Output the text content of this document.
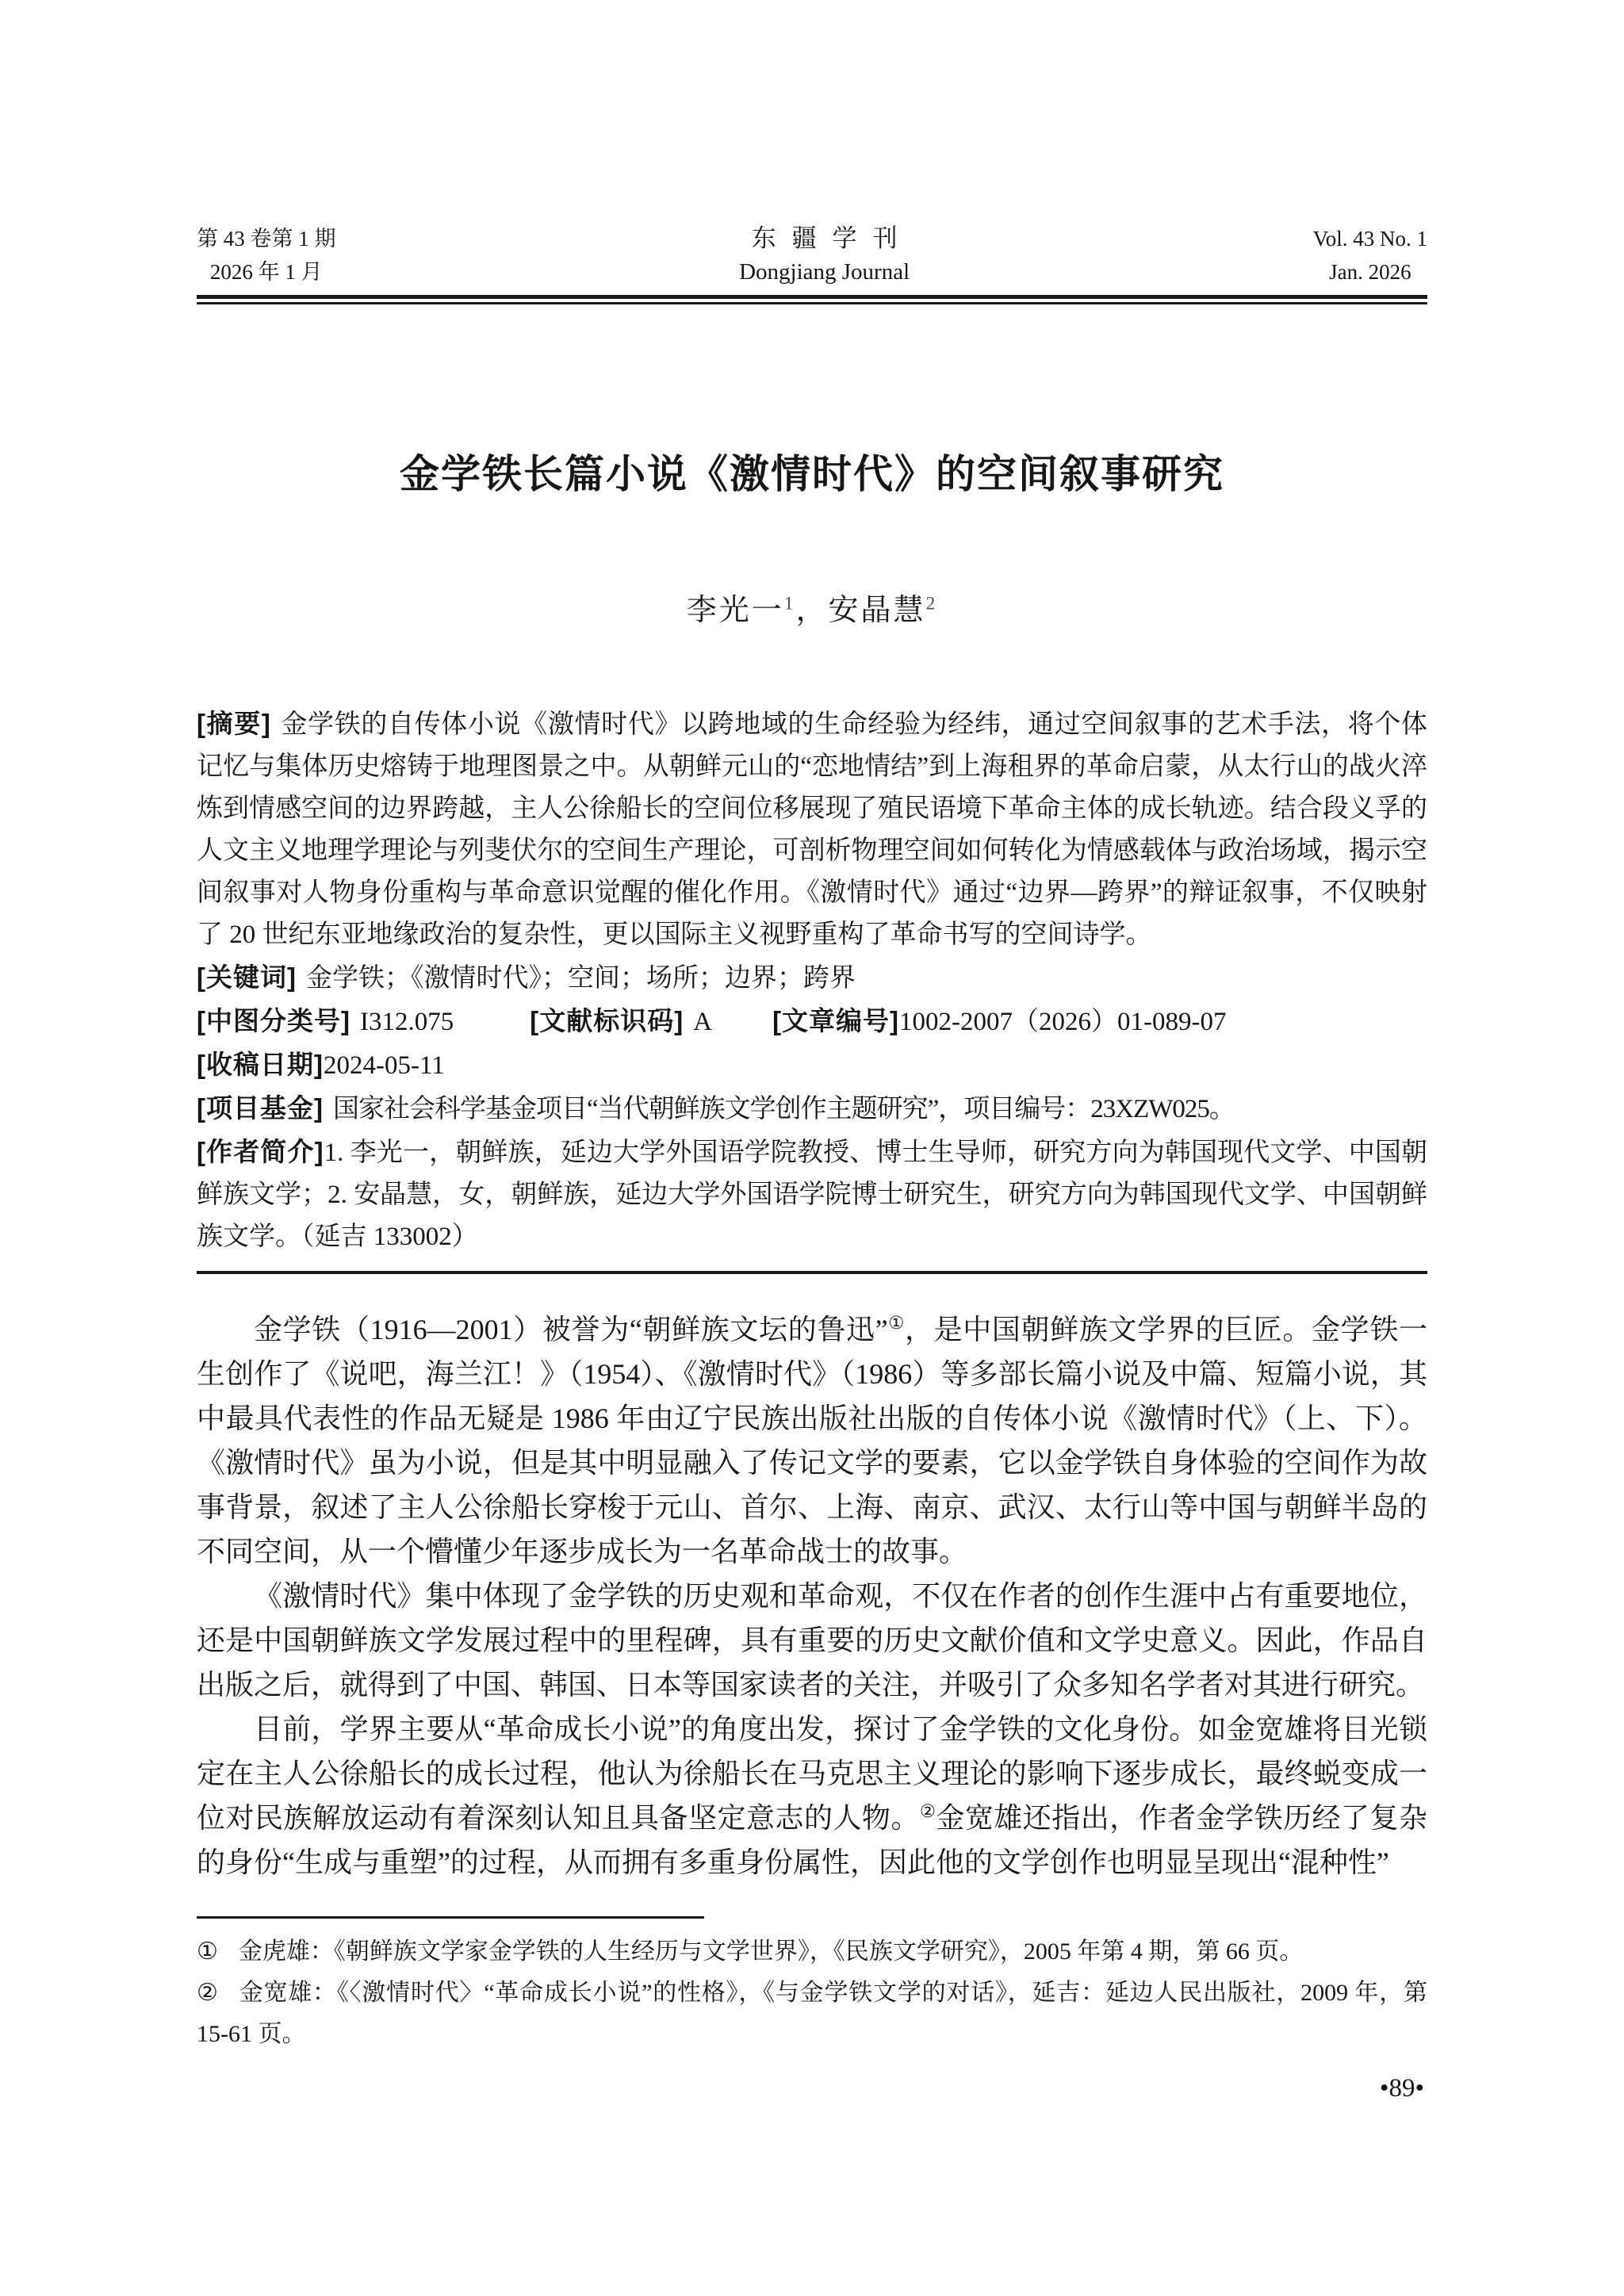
第 43 卷第 1 期
2026 年 1 月
东疆学刊
Dongjiang Journal
Vol. 43 No. 1
Jan. 2026
金学铁长篇小说《激情时代》的空间叙事研究
李光一$^1$，安晶慧$^2$

[摘要] 金学铁的自传体小说《激情时代》以跨地域的生命经验为经纬，通过空间叙事的艺术手法，将个体记忆与集体历史熔铸于地理图景之中。从朝鲜元山的“恋地情结”到上海租界的革命启蒙，从太行山的战火淬炼到情感空间的边界跨越，主人公徐船长的空间位移展现了殖民语境下革命主体的成长轨迹。结合段义孚的人文主义地理学理论与列斐伏尔的空间生产理论，可剖析物理空间如何转化为情感载体与政治场域，揭示空间叙事对人物身份重构与革命意识觉醒的催化作用。《激情时代》通过“边界—跨界”的辩证叙事，不仅映射了 20 世纪东亚地缘政治的复杂性，更以国际主义视野重构了革命书写的空间诗学。

[关键词] 金学铁；《激情时代》；空间；场所；边界；跨界

[中图分类号] I312.075	[文献标识码] A [文章编号]1002-2007（2026）01-089-07

[收稿日期]2024-05-11

[项目基金] 国家社会科学基金项目“当代朝鲜族文学创作主题研究”，项目编号：23XZW025。

[作者简介]1. 李光一，朝鲜族，延边大学外国语学院教授、博士生导师，研究方向为韩国现代文学、中国朝鲜族文学；2. 安晶慧，女，朝鲜族，延边大学外国语学院博士研究生，研究方向为韩国现代文学、中国朝鲜族文学。（延吉 133002）

金学铁（1916—2001）被誉为“朝鲜族文坛的鲁迅”①，是中国朝鲜族文学界的巨匠。金学铁一生创作了《说吧，海兰江！》（1954）、《激情时代》（1986）等多部长篇小说及中篇、短篇小说，其中最具代表性的作品无疑是 1986 年由辽宁民族出版社出版的自传体小说《激情时代》（上、下）。《激情时代》虽为小说，但是其中明显融入了传记文学的要素，它以金学铁自身体验的空间作为故事背景，叙述了主人公徐船长穿梭于元山、首尔、上海、南京、武汉、太行山等中国与朝鲜半岛的不同空间，从一个懵懂少年逐步成长为一名革命战士的故事。

《激情时代》集中体现了金学铁的历史观和革命观，不仅在作者的创作生涯中占有重要地位，还是中国朝鲜族文学发展过程中的里程碑，具有重要的历史文献价值和文学史意义。因此，作品自出版之后，就得到了中国、韩国、日本等国家读者的关注，并吸引了众多知名学者对其进行研究。

目前，学界主要从“革命成长小说”的角度出发，探讨了金学铁的文化身份。如金宽雄将目光锁定在主人公徐船长的成长过程，他认为徐船长在马克思主义理论的影响下逐步成长，最终蜕变成一位对民族解放运动有着深刻认知且具备坚定意志的人物。②金宽雄还指出，作者金学铁历经了复杂的身份“生成与重塑”的过程，从而拥有多重身份属性，因此他的文学创作也明显呈现出“混种性”

① 金虎雄：《朝鲜族文学家金学铁的人生经历与文学世界》，《民族文学研究》，2005 年第 4 期，第 66 页。

② 金宽雄：《〈激情时代〉“革命成长小说”的性格》，《与金学铁文学的对话》，延吉：延边人民出版社，2009 年，第 15-61 页。

•89•
